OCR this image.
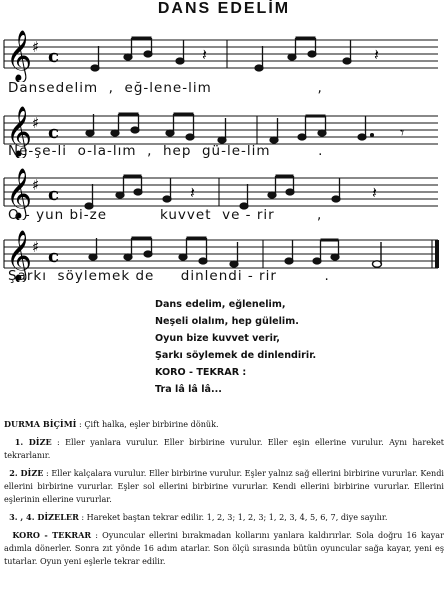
DANS EDELİM
𝄞 ♯ c	𝄽	𝄽
Dansedelim  ,  eğ-lene-lim                    ,
𝄞 ♯ c	𝄾
Ne-şe-li  o-la-lım  ,  hep  gü-le-lim         .
𝄞 ♯ c	𝄽	𝄽
O - yun bi-ze          kuvvet  ve - rir        ,
𝄞 ♯ c
Şarkı  söylemek de     dinlendi - rir         .
Dans edelim, eğlenelim,
Neşeli olalım, hep gülelim.
Oyun bize kuvvet verir,
Şarkı söylemek de dinlendirir.
KORO - TEKRAR :
Tra lâ lâ lâ...

DURMA BİÇİMİ : Çift halka, eşler birbirine dönük.

1. DİZE : Eller yanlara vurulur. Eller birbirine vurulur. Eller eşin ellerine vurulur. Aynı hareket tekrarlanır.

2. DİZE : Eller kalçalara vurulur. Eller birbirine vurulur. Eşler yalnız sağ ellerini birbirine vururlar. Kendi ellerini birbirine vururlar. Eşler sol ellerini birbirine vururlar. Kendi ellerini birbirine vururlar. Ellerini eşlerinin ellerine vururlar.

3. , 4. DİZELER : Hareket baştan tekrar edilir. 1, 2, 3; 1, 2, 3; 1, 2, 3, 4, 5, 6, 7, diye sayılır.

KORO - TEKRAR : Oyuncular ellerini bırakmadan kollarını yanlara kaldırırlar. Sola doğru 16 kayar adımla dönerler. Sonra zıt yönde 16 adım atarlar. Son ölçü sırasında bütün oyuncular sağa kayar, yeni eş tutarlar. Oyun yeni eşlerle tekrar edilir.
